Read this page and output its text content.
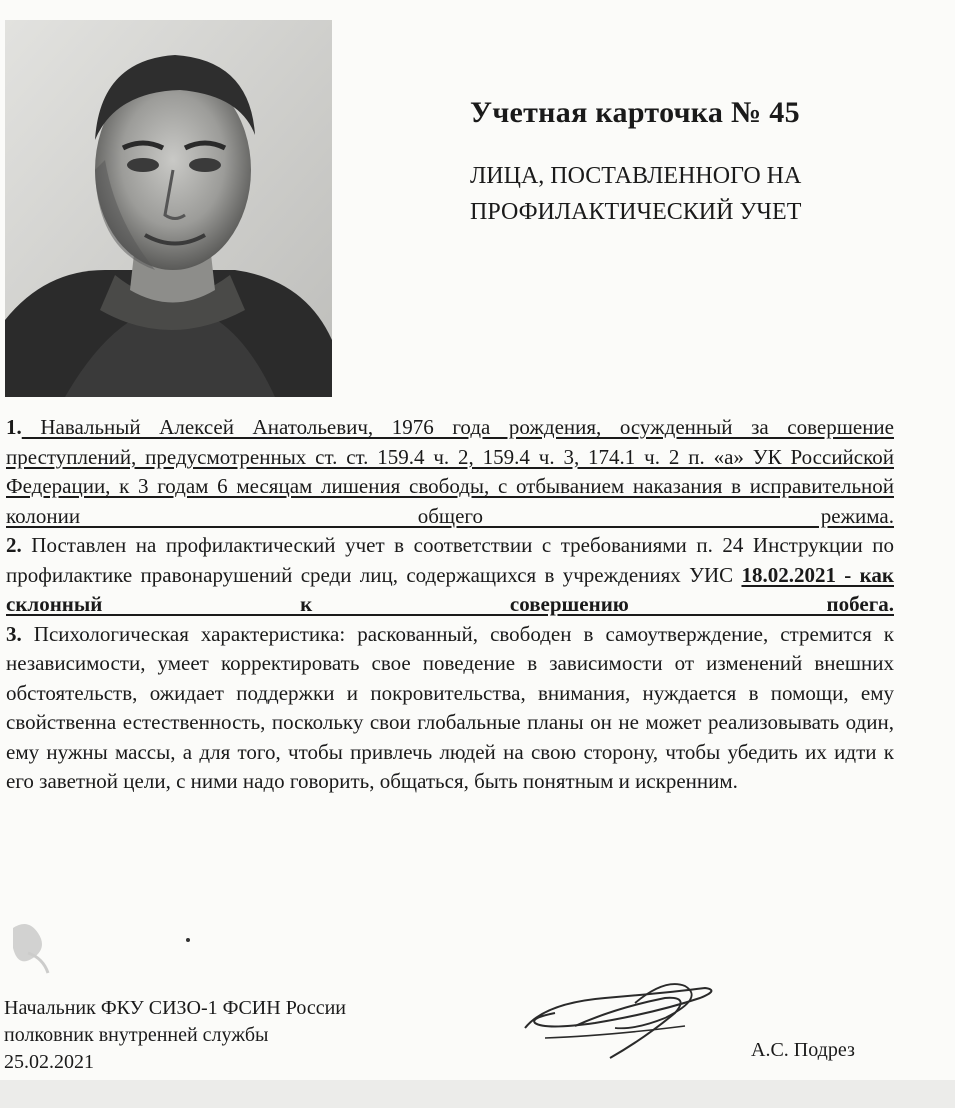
Учетная карточка № 45
ЛИЦА, ПОСТАВЛЕННОГО НА
ПРОФИЛАКТИЧЕСКИЙ УЧЕТ

1. Навальный Алексей Анатольевич, 1976 года рождения, осужденный за совершение преступлений, предусмотренных ст. ст. 159.4 ч. 2, 159.4 ч. 3, 174.1 ч. 2 п. «а» УК Российской Федерации, к 3 годам 6 месяцам лишения свободы, с отбыванием наказания в исправительной колонии общего режима.

2. Поставлен на профилактический учет в соответствии с требованиями п. 24 Инструкции по профилактике правонарушений среди лиц, содержащихся в учреждениях УИС 18.02.2021 - как склонный к совершению побега.

3. Психологическая характеристика: раскованный, свободен в самоутверждение, стремится к независимости, умеет корректировать свое поведение в зависимости от изменений внешних обстоятельств, ожидает поддержки и покровительства, внимания, нуждается в помощи, ему свойственна естественность, поскольку свои глобальные планы он не может реализовывать один, ему нужны массы, а для того, чтобы привлечь людей на свою сторону, чтобы убедить их идти к его заветной цели, с ними надо говорить, общаться, быть понятным и искренним.

Начальник ФКУ СИЗО-1 ФСИН России
полковник внутренней службы
25.02.2021
А.С. Подрез
